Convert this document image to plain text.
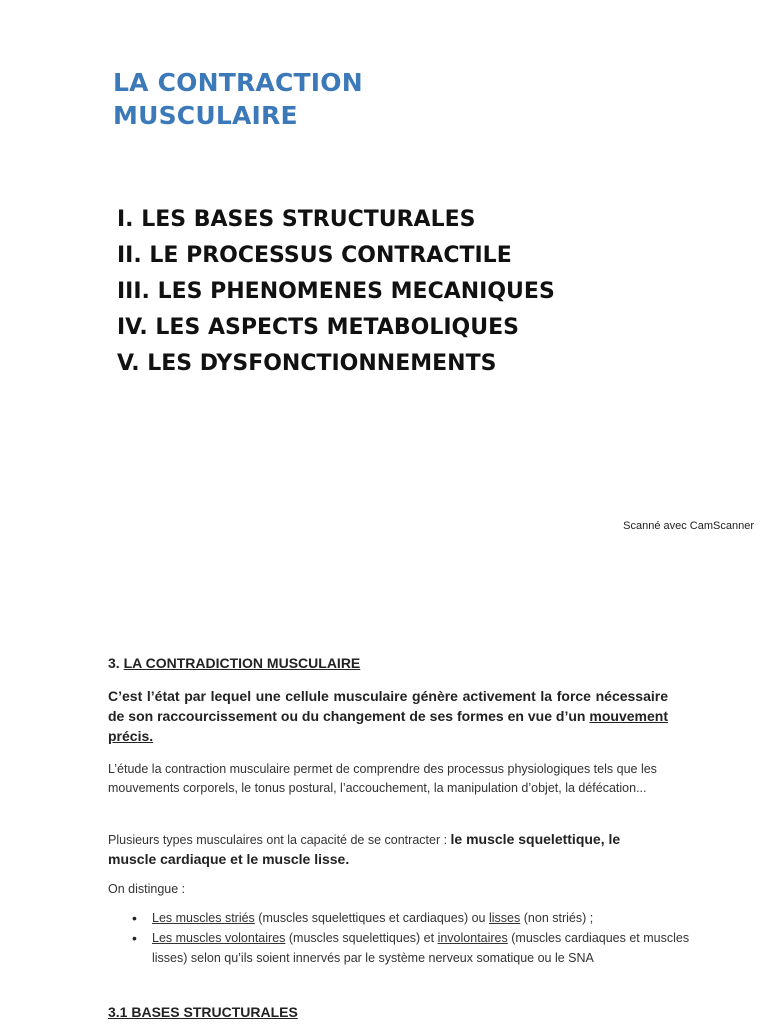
LA CONTRACTION
MUSCULAIRE
I. LES BASES STRUCTURALES
II. LE PROCESSUS CONTRACTILE
III. LES PHENOMENES MECANIQUES
IV. LES ASPECTS METABOLIQUES
V. LES DYSFONCTIONNEMENTS
Scanné avec CamScanner
3. LA CONTRADICTION MUSCULAIRE
C’est l’état par lequel une cellule musculaire génère activement la force nécessaire de son raccourcissement ou du changement de ses formes en vue d’un mouvement précis.
L’étude la contraction musculaire permet de comprendre des processus physiologiques tels que les mouvements corporels, le tonus postural, l’accouchement, la manipulation d’objet, la défécation...
Plusieurs types musculaires ont la capacité de se contracter : le muscle squelettique, le muscle cardiaque et le muscle lisse.
On distingue :
• Les muscles striés (muscles squelettiques et cardiaques) ou lisses (non striés) ;
• Les muscles volontaires (muscles squelettiques) et involontaires (muscles cardiaques et muscles lisses) selon qu’ils soient innervés par le système nerveux somatique ou le SNA
3.1 BASES STRUCTURALES
